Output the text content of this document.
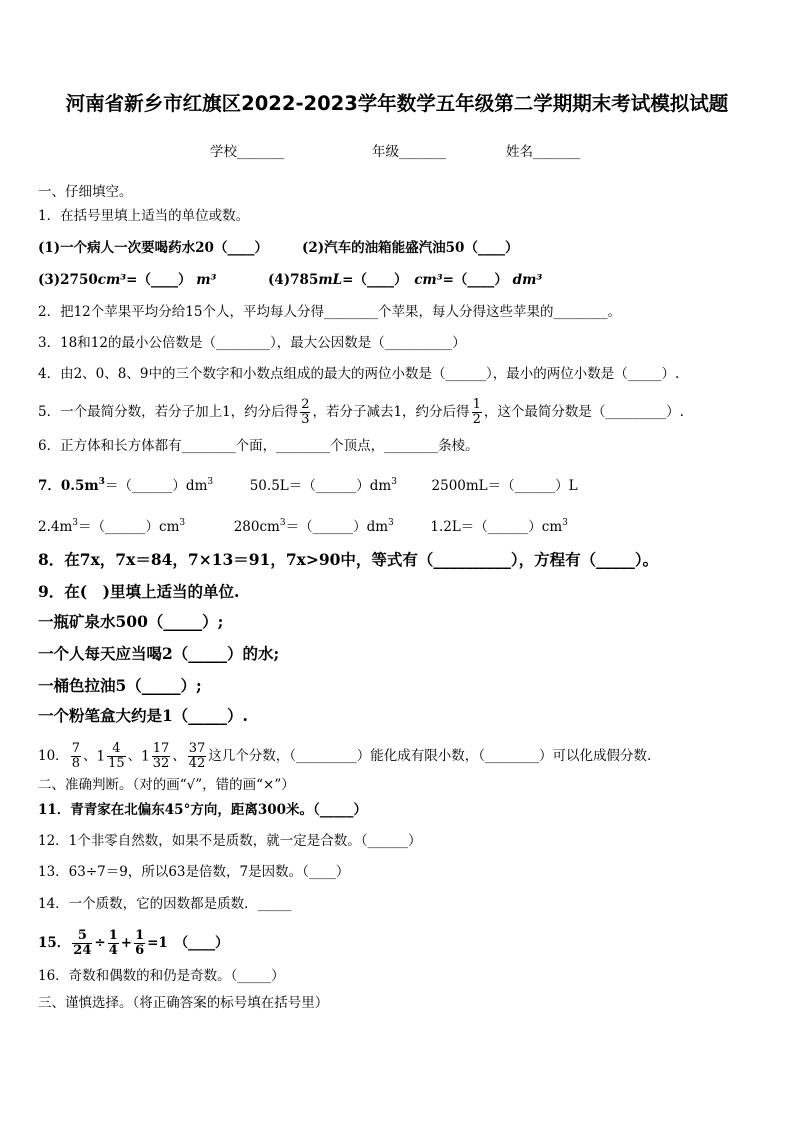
河南省新乡市红旗区2022-2023学年数学五年级第二学期期末考试模拟试题
学校_______	年级_______	姓名_______
一、仔细填空。
1．在括号里填上适当的单位或数。
(1)一个病人一次要喝药水20（____）	(2)汽车的油箱能盛汽油50（____）
(3)2750cm³=（____） m³	(4)785mL=（____）　 cm³=（____） dm³
2．把12个苹果平均分给15个人，平均每人分得________个苹果，每人分得这些苹果的________。
3．18和12的最小公倍数是（________），最大公因数是（__________）
4．由2、0、8、9中的三个数字和小数点组成的最大的两位小数是（______），最小的两位小数是（_____）.
5．一个最简分数，若分子加上1，约分后得 $\frac{2}{3}$ ，若分子减去1，约分后得 $\frac{1}{2}$ ，这个最简分数是（_________）.
6．正方体和长方体都有________个面，________个顶点，________条棱。
7．$0.5m^3=(\_\_\_\_\_\_)dm^3$	$50.5L=(\_\_\_\_\_\_)dm^3$	2500mL＝（______）L
$2.4m^3=(\_\_\_\_\_\_)cm^3$	$280cm^3=(\_\_\_\_\_\_)dm^3$	$1.2L=(\_\_\_\_\_\_)cm^3$
8．在7x，7x＝84，7×13＝91，7x>90中，等式有（__________），方程有（_____）。
9．在(　)里填上适当的单位.
一瓶矿泉水500（_____）;
一个人每天应当喝2（_____）的水;
一桶色拉油5（_____）;
一个粉笔盒大约是1（_____）.
10． $\frac{7}{8}$ 、$1 \frac{4}{15}$ 、$1 \frac{17}{32}$ 、 $\frac{37}{42}$ 这几个分数，（_________）能化成有限小数，（________）可以化成假分数.
二、准确判断。（对的画“√”，错的画“×”）
11．青青家在北偏东45°方向，距离300米。（_____）
12．1个非零自然数，如果不是质数，就一定是合数。（______）
13．63÷7＝9，所以63是倍数，7是因数。（____）
14．一个质数，它的因数都是质数．_____
15． $\frac{5}{24} \div \frac{1}{4} + \frac{1}{6} =1$　（____）
16．奇数和偶数的和仍是奇数。（_____）
三、谨慎选择。（将正确答案的标号填在括号里）
